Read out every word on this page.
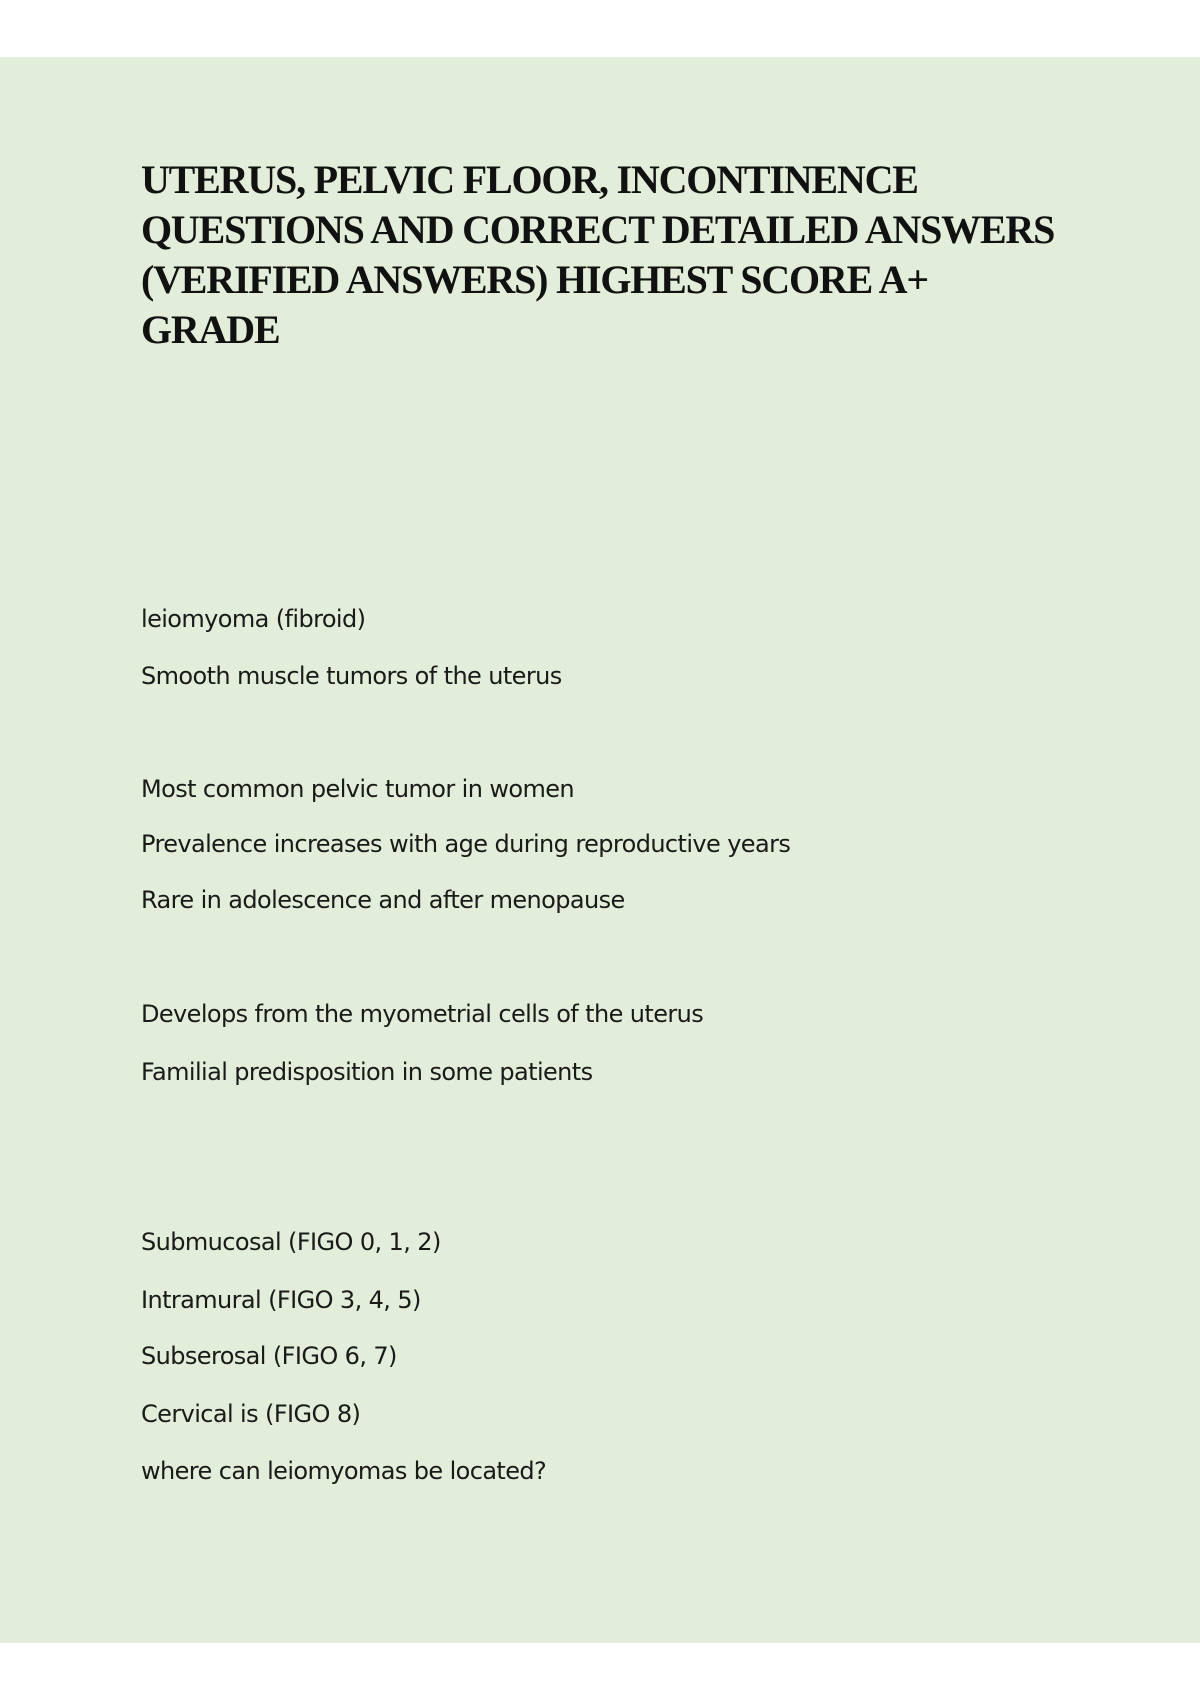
UTERUS, PELVIC FLOOR, INCONTINENCE
QUESTIONS AND CORRECT DETAILED ANSWERS
(VERIFIED ANSWERS) HIGHEST SCORE A+
GRADE

leiomyoma (fibroid)

Smooth muscle tumors of the uterus

Most common pelvic tumor in women

Prevalence increases with age during reproductive years

Rare in adolescence and after menopause

Develops from the myometrial cells of the uterus

Familial predisposition in some patients

Submucosal (FIGO 0, 1, 2)

Intramural (FIGO 3, 4, 5)

Subserosal (FIGO 6, 7)

Cervical is (FIGO 8)

where can leiomyomas be located?
